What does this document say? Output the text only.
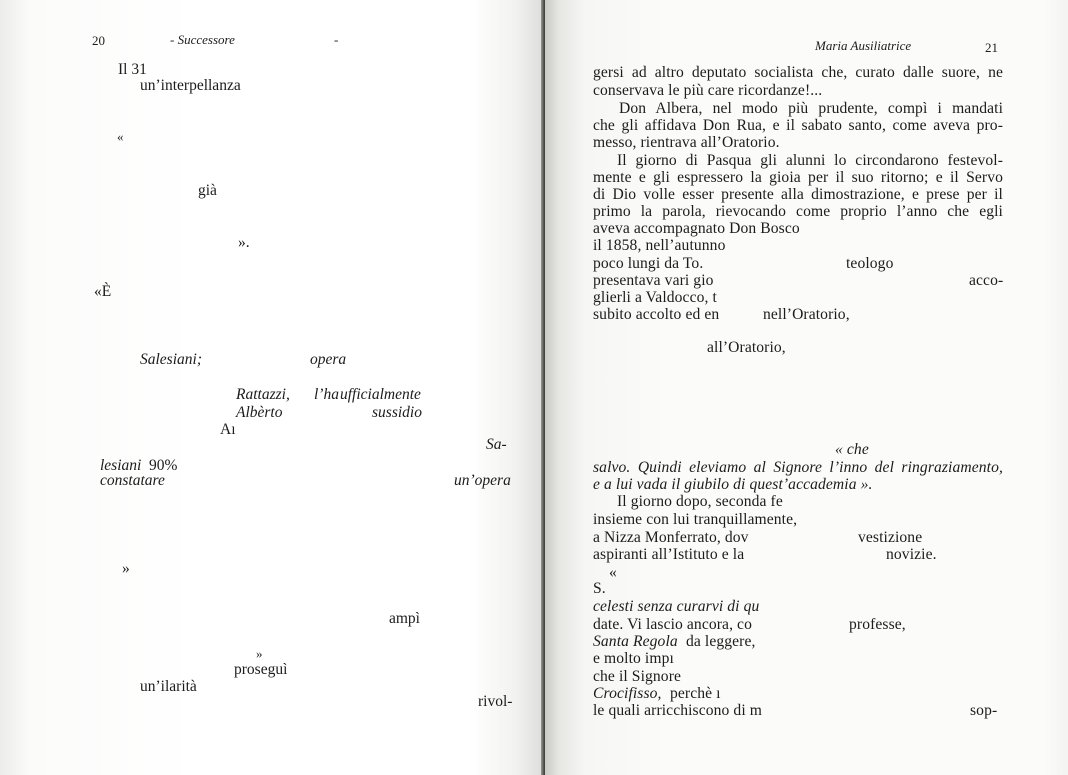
20	- Successore	-
Il 31
un’interpellanza
«
già
».
«È
Salesiani;	opera
Rattazzi, l’ha ufficialmente
Albèrto	sussidio
Aı
Sa-
lesiani 90%
constatare	un’opera
»
ampì
»
proseguì
un’ilarità
rivol-
Maria Ausiliatrice	21
gersi ad altro deputato socialista che, curato dalle suore, ne
conservava le più care ricordanze!...
Don Albera, nel modo più prudente, compì i mandati
che gli affidava Don Rua, e il sabato santo, come aveva pro-
messo, rientrava all’Oratorio.
Il giorno di Pasqua gli alunni lo circondarono festevol-
mente e gli espressero la gioia per il suo ritorno; e il Servo
di Dio volle esser presente alla dimostrazione, e prese per il
primo la parola, rievocando come proprio l’anno che egli
aveva accompagnato Don Bosco
il 1858, nell’autunno
poco lungi da To.	teologo
presentava vari gio	acco-
glierli a Valdocco, t
subito accolto ed en	nell’Oratorio,
all’Oratorio,
« che
salvo. Quindi eleviamo al Signore l’inno del ringraziamento,
e a lui vada il giubilo di quest’accademia ».
Il giorno dopo, seconda fe
insieme con lui tranquillamente,
a Nizza Monferrato, dov	vestizione
aspiranti all’Istituto e la	novizie.
«
S.
celesti senza curarvi di qu
date. Vi lascio ancora, co	professe,
Santa Regola da leggere,
e molto impı
che il Signore
Crocifisso, perchè ı
le quali arricchiscono di m	sop-
